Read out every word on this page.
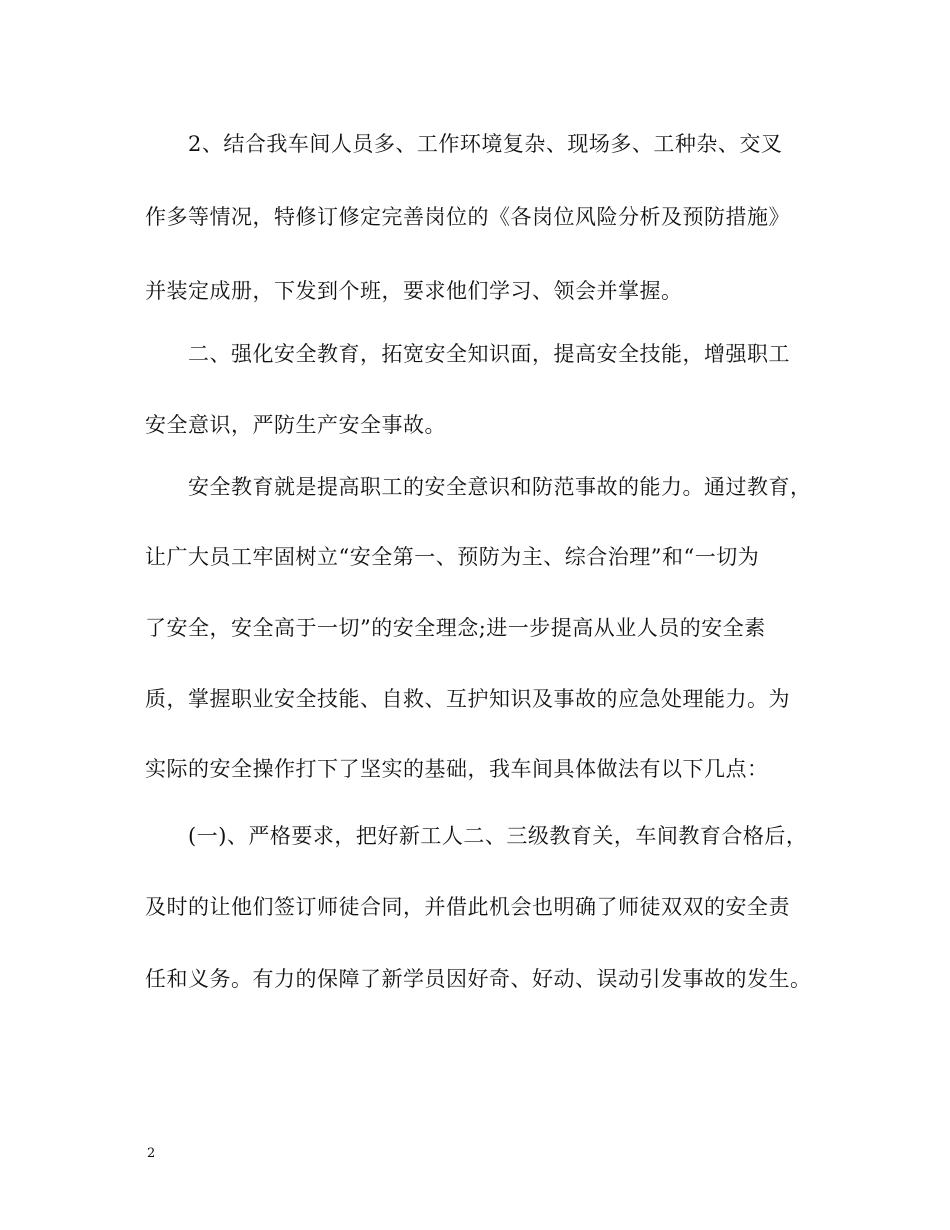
2、结合我车间人员多、工作环境复杂、现场多、工种杂、交叉
作多等情况，特修订修定完善岗位的《各岗位风险分析及预防措施》
并装定成册，下发到个班，要求他们学习、领会并掌握。
二、强化安全教育，拓宽安全知识面，提高安全技能，增强职工
安全意识，严防生产安全事故。
安全教育就是提高职工的安全意识和防范事故的能力。通过教育，
让广大员工牢固树立“安全第一、预防为主、综合治理”和“一切为
了安全，安全高于一切”的安全理念;进一步提高从业人员的安全素
质，掌握职业安全技能、自救、互护知识及事故的应急处理能力。为
实际的安全操作打下了坚实的基础，我车间具体做法有以下几点：
(一)、严格要求，把好新工人二、三级教育关，车间教育合格后，
及时的让他们签订师徒合同，并借此机会也明确了师徒双双的安全责
任和义务。有力的保障了新学员因好奇、好动、误动引发事故的发生。
2
